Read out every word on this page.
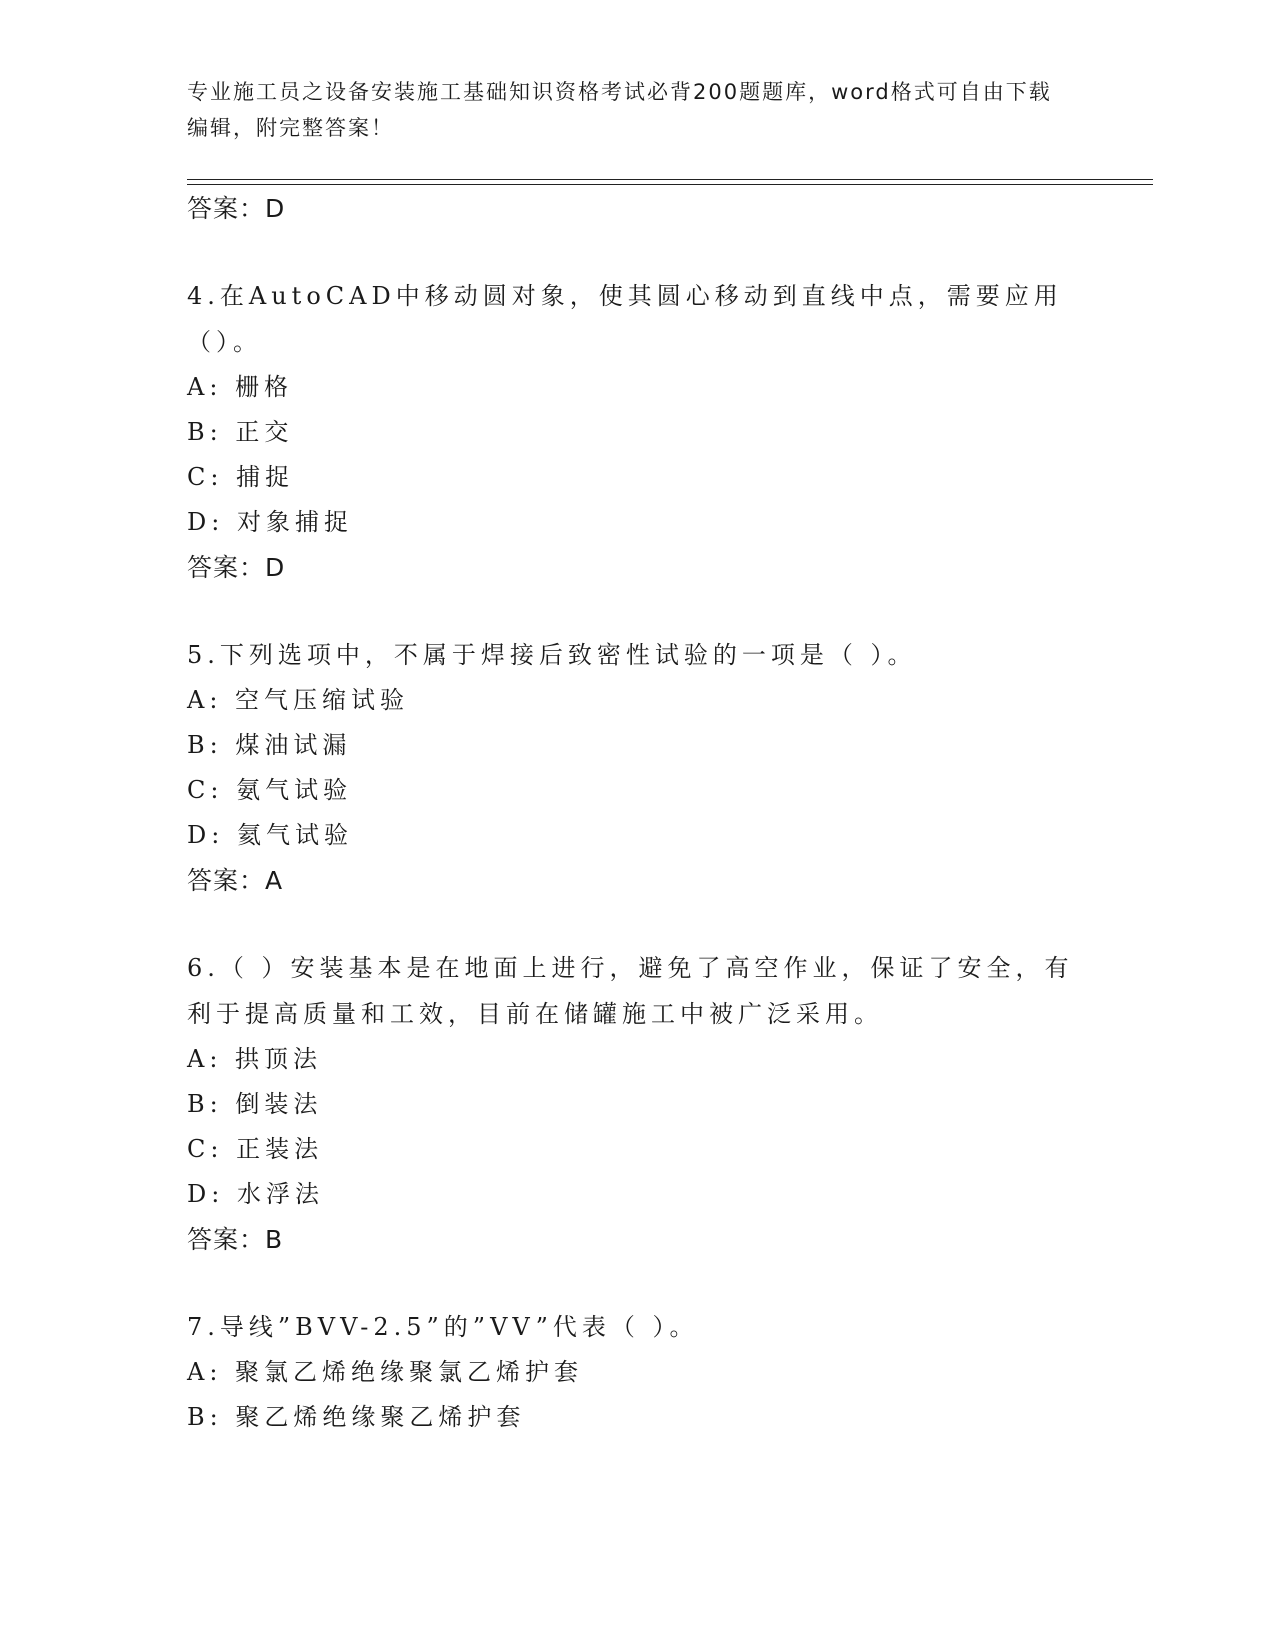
专业施工员之设备安装施工基础知识资格考试必背200题题库，word格式可自由下载编辑，附完整答案！
答案：D
4.在AutoCAD中移动圆对象，使其圆心移动到直线中点，需要应用（）。
A: 栅格
B: 正交
C: 捕捉
D: 对象捕捉
答案：D
5.下列选项中，不属于焊接后致密性试验的一项是（ ）。
A: 空气压缩试验
B: 煤油试漏
C: 氨气试验
D: 氦气试验
答案：A
6.（ ）安装基本是在地面上进行，避免了高空作业，保证了安全，有利于提高质量和工效，目前在储罐施工中被广泛采用。
A: 拱顶法
B: 倒装法
C: 正装法
D: 水浮法
答案：B
7.导线”BVV-2.5”的”VV”代表（ ）。
A: 聚氯乙烯绝缘聚氯乙烯护套
B: 聚乙烯绝缘聚乙烯护套
